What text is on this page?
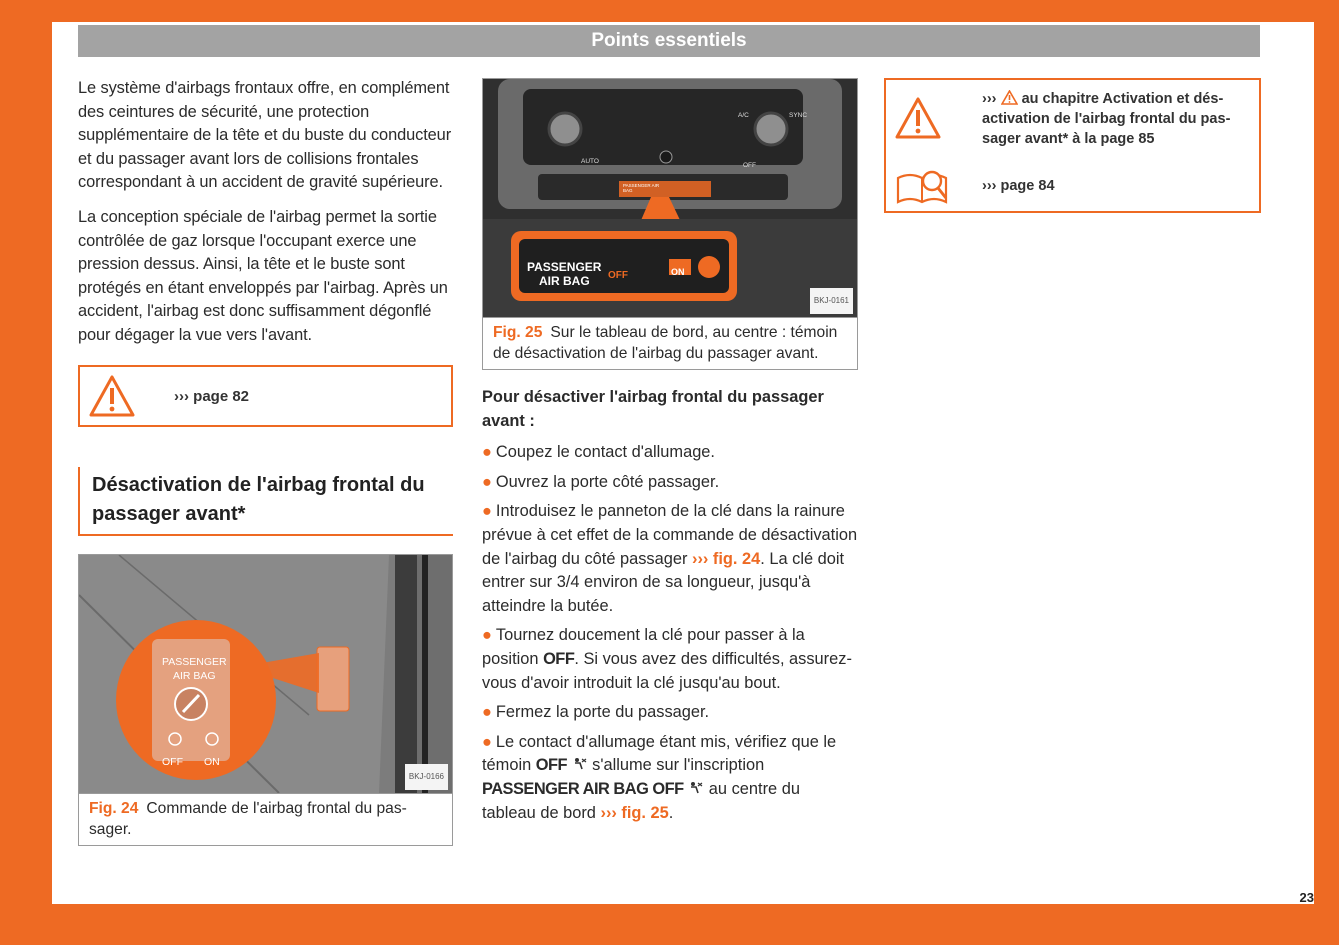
Points essentiels

Le système d'airbags frontaux offre, en complément des ceintures de sécurité, une protection supplémentaire de la tête et du buste du conducteur et du passager avant lors de collisions frontales correspondant à un accident de gravité supérieure.

La conception spéciale de l'airbag permet la sortie contrôlée de gaz lorsque l'occupant exerce une pression dessus. Ainsi, la tête et le buste sont protégés en étant enveloppés par l'airbag. Après un accident, l'airbag est donc suffisamment dégonflé pour dégager la vue vers l'avant.

››› page 82
Désactivation de l'airbag frontal du passager avant*
PASSENGER
AIR BAG
OFF ON
BKJ-0166
Fig. 24 Commande de l'airbag frontal du passager.
A/C	SYNC
AUTO
OFF
PASSENGER AIR BAG
PASSENGER
AIR BAG OFF	ON
BKJ-0161
Fig. 25 Sur le tableau de bord, au centre : témoin de désactivation de l'airbag du passager avant.
Pour désactiver l'airbag frontal du passager avant :

● Coupez le contact d'allumage.

● Ouvrez la porte côté passager.

● Introduisez le panneton de la clé dans la rainure prévue à cet effet de la commande de désactivation de l'airbag du côté passager ››› fig. 24. La clé doit entrer sur 3/4 environ de sa longueur, jusqu'à atteindre la butée.

● Tournez doucement la clé pour passer à la position OFF. Si vous avez des difficultés, assurez-vous d'avoir introduit la clé jusqu'au bout.

● Fermez la porte du passager.

● Le contact d'allumage étant mis, vérifiez que le témoin OFF  s'allume sur l'inscription PASSENGER AIR BAG OFF  au centre du tableau de bord ››› fig. 25.

››› au chapitre Activation et désactivation de l'airbag frontal du passager avant* à la page 85
››› page 84
23
